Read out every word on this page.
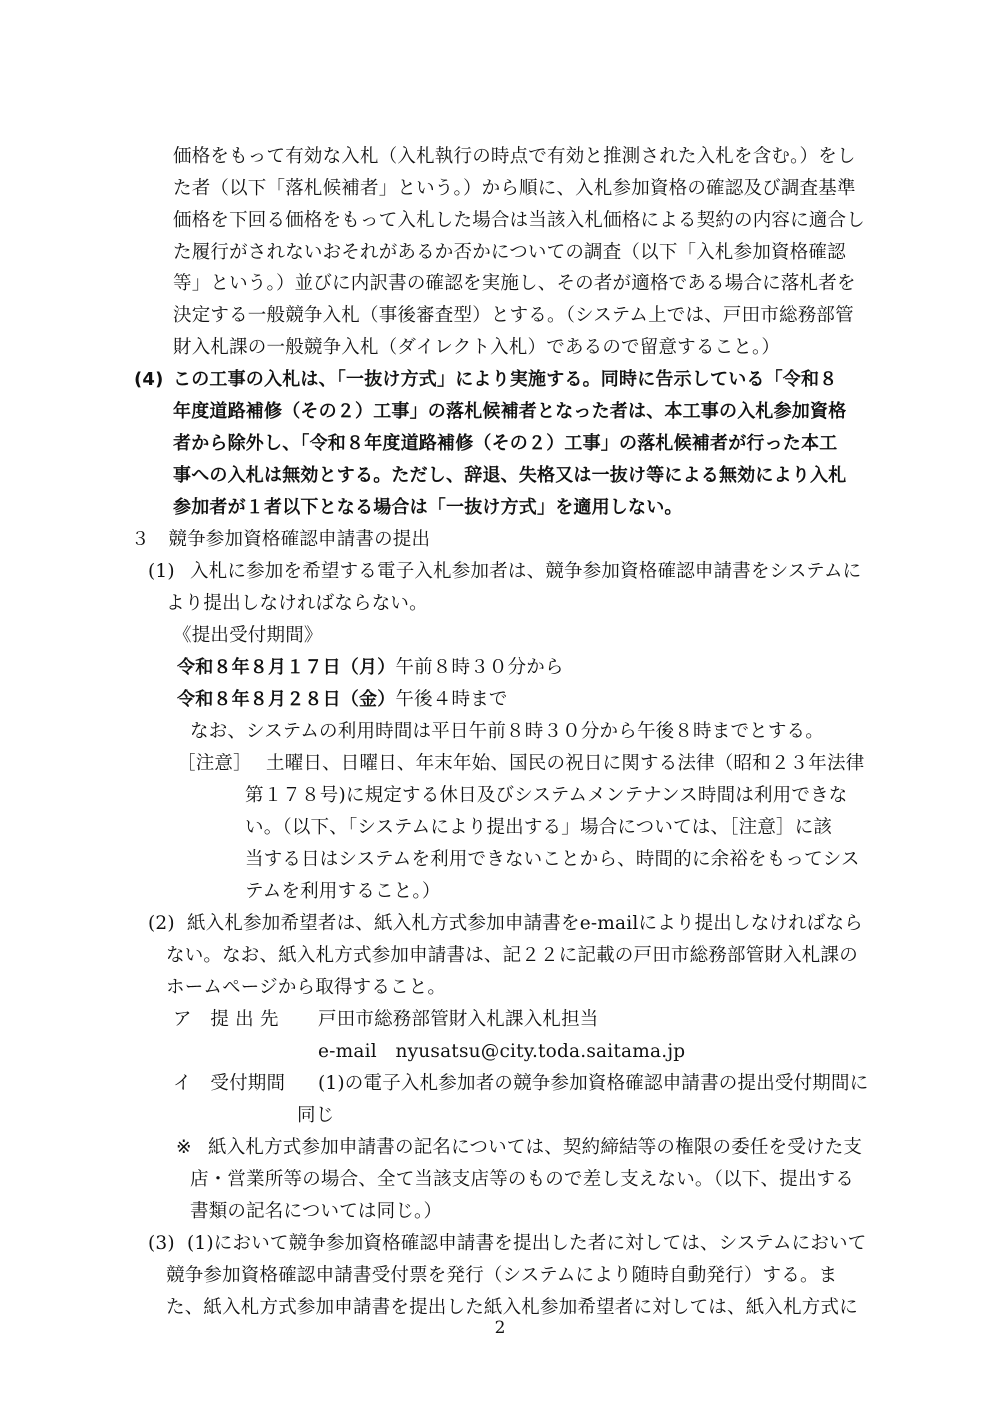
価格をもって有効な入札（入札執行の時点で有効と推測された入札を含む。）をし
た者（以下「落札候補者」という。）から順に、入札参加資格の確認及び調査基準
価格を下回る価格をもって入札した場合は当該入札価格による契約の内容に適合し
た履行がされないおそれがあるか否かについての調査（以下「入札参加資格確認
等」という。）並びに内訳書の確認を実施し、その者が適格である場合に落札者を
決定する一般競争入札（事後審査型）とする。（システム上では、戸田市総務部管
財入札課の一般競争入札（ダイレクト入札）であるので留意すること。）
(4) この工事の入札は、「一抜け方式」により実施する。同時に告示している「令和８
年度道路補修（その２）工事」の落札候補者となった者は、本工事の入札参加資格
者から除外し、「令和８年度道路補修（その２）工事」の落札候補者が行った本工
事への入札は無効とする。ただし、辞退、失格又は一抜け等による無効により入札
参加者が１者以下となる場合は「一抜け方式」を適用しない。
３　競争参加資格確認申請書の提出
(1) 入札に参加を希望する電子入札参加者は、競争参加資格確認申請書をシステムに
より提出しなければならない。
《提出受付期間》
令和８年８月１７日（月）午前８時３０分から
令和８年８月２８日（金）午後４時まで
なお、システムの利用時間は平日午前８時３０分から午後８時までとする。
［注意］ 土曜日、日曜日、年末年始、国民の祝日に関する法律（昭和２３年法律
第１７８号)に規定する休日及びシステムメンテナンス時間は利用できな
い。（以下、「システムにより提出する」場合については、［注意］に該
当する日はシステムを利用できないことから、時間的に余裕をもってシス
テムを利用すること。）
(2) 紙入札参加希望者は、紙入札方式参加申請書をe-mailにより提出しなければなら
ない。なお、紙入札方式参加申請書は、記２２に記載の戸田市総務部管財入札課の
ホームページから取得すること。
ア　提 出 先 戸田市総務部管財入札課入札担当
e-mail　nyusatsu@city.toda.saitama.jp
イ　受付期間 (1)の電子入札参加者の競争参加資格確認申請書の提出受付期間に
同じ
※ 紙入札方式参加申請書の記名については、契約締結等の権限の委任を受けた支
店・営業所等の場合、全て当該支店等のもので差し支えない。（以下、提出する
書類の記名については同じ。）
(3) (1)において競争参加資格確認申請書を提出した者に対しては、システムにおいて
競争参加資格確認申請書受付票を発行（システムにより随時自動発行）する。ま
た、紙入札方式参加申請書を提出した紙入札参加希望者に対しては、紙入札方式に
2
